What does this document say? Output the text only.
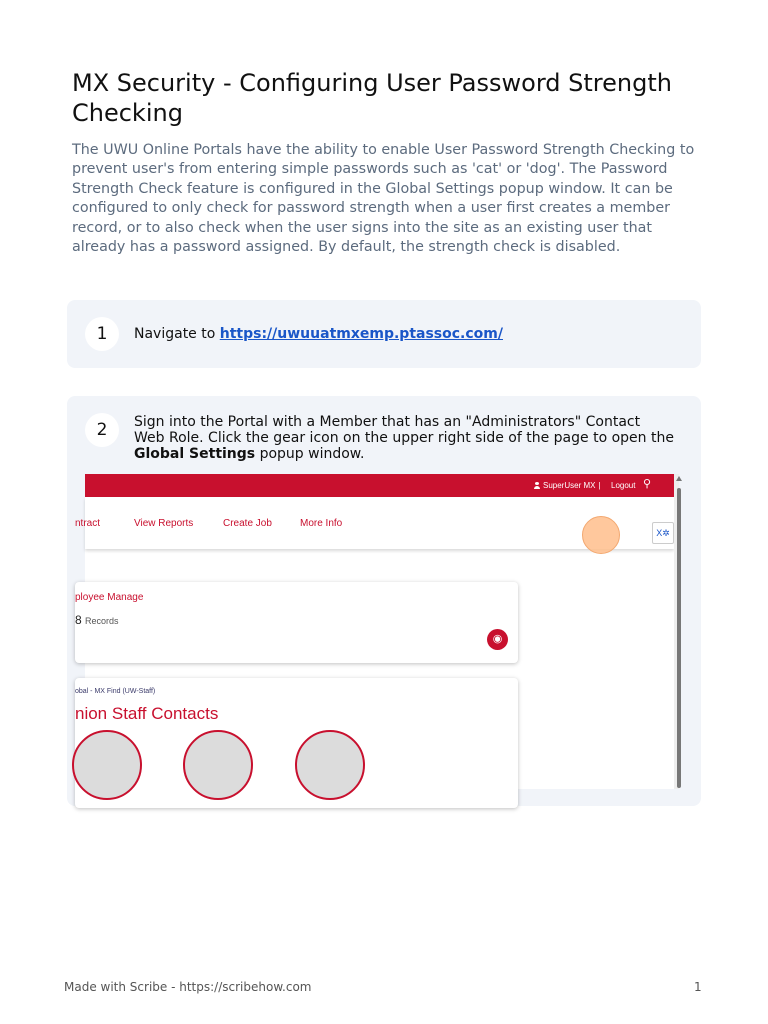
MX Security - Configuring User Password Strength Checking

The UWU Online Portals have the ability to enable User Password Strength Checking to prevent user's from entering simple passwords such as 'cat' or 'dog'. The Password Strength Check feature is configured in the Global Settings popup window. It can be configured to only check for password strength when a user first creates a member record, or to also check when the user signs into the site as an existing user that already has a password assigned. By default, the strength check is disabled.

1	Navigate to https://uwuuatmxemp.ptassoc.com/
2	Sign into the Portal with a Member that has an "Administrators" Contact Web Role. Click the gear icon on the upper right side of the page to open the Global Settings popup window.
SuperUser MX | Logout ⚲
ntract	View Reports	Create Job	More Info
X✲
ployee Manage
8 Records
◉
obal - MX Find (UW-Staff)
nion Staff Contacts
Made with Scribe - https://scribehow.com	1
